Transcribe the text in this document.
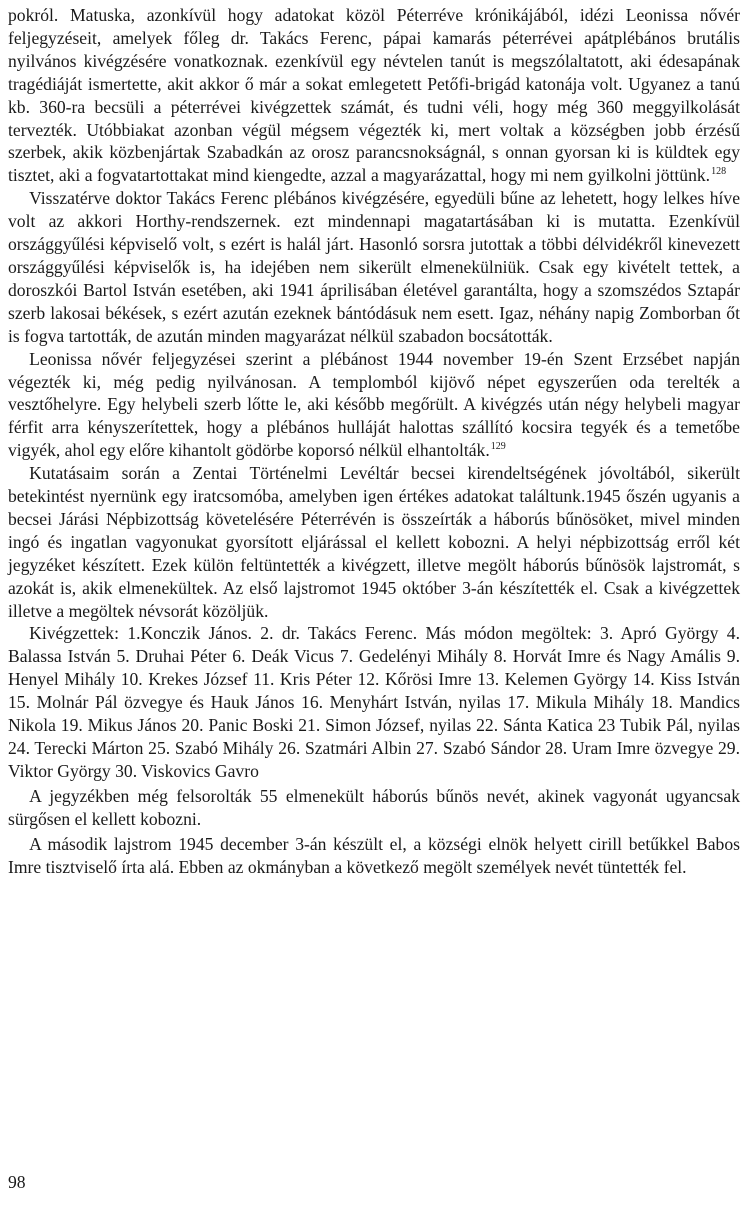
pokról. Matuska, azonkívül hogy adatokat közöl Péterréve krónikájából, idézi Leonissa nővér feljegyzéseit, amelyek főleg dr. Takács Ferenc, pápai kamarás péterrévei apátplébános brutális nyilvános kivégzésére vonatkoznak. ezenkívül egy névtelen tanút is megszólaltatott, aki édesapának tragédiáját ismertette, akit akkor ő már a sokat emlegetett Petőfi-brigád katonája volt. Ugyanez a tanú kb. 360-ra becsüli a péterrévei kivégzettek számát, és tudni véli, hogy még 360 meggyilkolását tervezték. Utóbbiakat azonban végül mégsem végezték ki, mert voltak a községben jobb érzésű szerbek, akik közbenjártak Szabadkán az orosz parancsnokságnál, s onnan gyorsan ki is küldtek egy tisztet, aki a fogvatartottakat mind kiengedte, azzal a magyarázattal, hogy mi nem gyilkolni jöttünk.$^{128}$

Visszatérve doktor Takács Ferenc plébános kivégzésére, egyedüli bűne az lehetett, hogy lelkes híve volt az akkori Horthy-rendszernek. ezt mindennapi magatartásában ki is mutatta. Ezenkívül országgyűlési képviselő volt, s ezért is halál járt. Hasonló sorsra jutottak a többi délvidékről kinevezett országgyűlési képviselők is, ha idejében nem sikerült elmenekülniük. Csak egy kivételt tettek, a doroszkói Bartol István esetében, aki 1941 áprilisában életével garantálta, hogy a szomszédos Sztapár szerb lakosai békések, s ezért azután ezeknek bántódásuk nem esett. Igaz, néhány napig Zomborban őt is fogva tartották, de azután minden magyarázat nélkül szabadon bocsátották.

Leonissa nővér feljegyzései szerint a plébánost 1944 november 19-én Szent Erzsébet napján végezték ki, még pedig nyilvánosan. A templomból kijövő népet egyszerűen oda terelték a vesztőhelyre. Egy helybeli szerb lőtte le, aki később megőrült. A kivégzés után négy helybeli magyar férfit arra kényszerítettek, hogy a plébános hulláját halottas szállító kocsira tegyék és a temetőbe vigyék, ahol egy előre kihantolt gödörbe koporsó nélkül elhantolták.$^{129}$

Kutatásaim során a Zentai Történelmi Levéltár becsei kirendeltségének jóvoltából, sikerült betekintést nyernünk egy iratcsomóba, amelyben igen értékes adatokat találtunk.1945 őszén ugyanis a becsei Járási Népbizottság követelésére Péterrévén is összeírták a háborús bűnösöket, mivel minden ingó és ingatlan vagyonukat gyorsított eljárással el kellett kobozni. A helyi népbizottság erről két jegyzéket készített. Ezek külön feltüntették a kivégzett, illetve megölt háborús bűnösök lajstromát, s azokát is, akik elmenekültek. Az első lajstromot 1945 október 3-án készítették el. Csak a kivégzettek illetve a megöltek névsorát közöljük.

Kivégzettek: 1.Konczik János. 2. dr. Takács Ferenc. Más módon megöltek: 3. Apró György 4. Balassa István 5. Druhai Péter 6. Deák Vicus 7. Gedelényi Mihály 8. Horvát Imre és Nagy Amális 9. Henyel Mihály 10. Krekes József 11. Kris Péter 12. Kőrösi Imre 13. Kelemen György 14. Kiss István 15. Molnár Pál özvegye és Hauk János 16. Menyhárt István, nyilas 17. Mikula Mihály 18. Mandics Nikola 19. Mikus János 20. Panic Boski 21. Simon József, nyilas 22. Sánta Katica 23 Tubik Pál, nyilas 24. Terecki Márton 25. Szabó Mihály 26. Szatmári Albin 27. Szabó Sándor 28. Uram Imre özvegye 29. Viktor György 30. Viskovics Gavro

A jegyzékben még felsorolták 55 elmenekült háborús bűnös nevét, akinek vagyonát ugyancsak sürgősen el kellett kobozni.

A második lajstrom 1945 december 3-án készült el, a községi elnök helyett cirill betűkkel Babos Imre tisztviselő írta alá. Ebben az okmányban a következő megölt személyek nevét tüntették fel.

98
